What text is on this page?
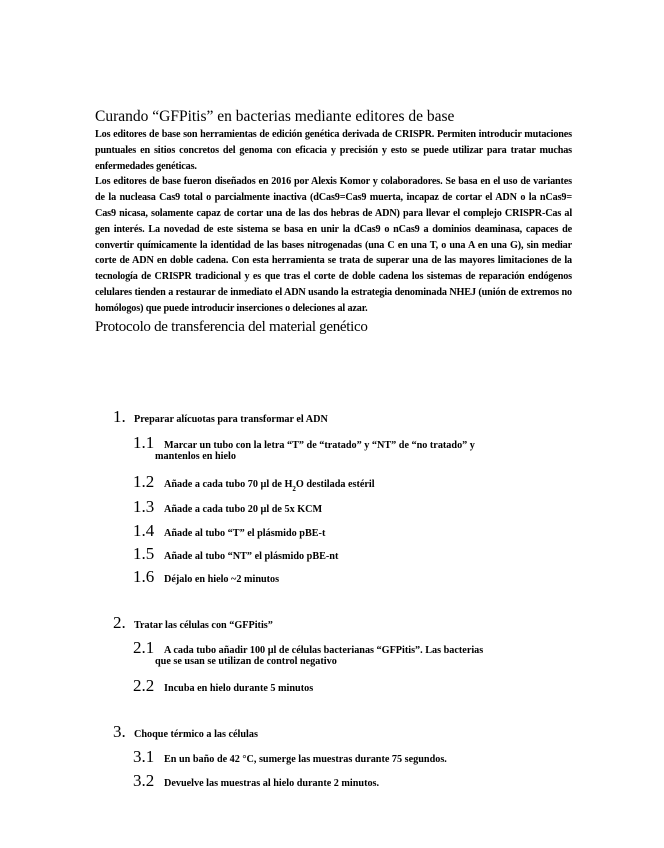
Curando “GFPitis” en bacterias mediante editores de base

Los editores de base son herramientas de edición genética derivada de CRISPR. Permiten introducir mutaciones puntuales en sitios concretos del genoma con eficacia y precisión y esto se puede utilizar para tratar muchas enfermedades genéticas.

Los editores de base fueron diseñados en 2016 por Alexis Komor y colaboradores. Se basa en el uso de variantes de la nucleasa Cas9 total o parcialmente inactiva (dCas9=Cas9 muerta, incapaz de cortar el ADN o la nCas9= Cas9 nicasa, solamente capaz de cortar una de las dos hebras de ADN) para llevar el complejo CRISPR-Cas al gen interés. La novedad de este sistema se basa en unir la dCas9 o nCas9 a dominios deaminasa, capaces de convertir químicamente la identidad de las bases nitrogenadas (una C en una T, o una A en una G), sin mediar corte de ADN en doble cadena. Con esta herramienta se trata de superar una de las mayores limitaciones de la tecnología de CRISPR tradicional y es que tras el corte de doble cadena los sistemas de reparación endógenos celulares tienden a restaurar de inmediato el ADN usando la estrategia denominada NHEJ (unión de extremos no homólogos) que puede introducir inserciones o deleciones al azar.

Protocolo de transferencia del material genético
1. Preparar alícuotas para transformar el ADN
1.1 Marcar un tubo con la letra “T” de “tratado” y “NT” de “no tratado” y
mantenlos en hielo
1.2 Añade a cada tubo 70 µl de $H_2O$ destilada estéril
1.3 Añade a cada tubo 20 µl de 5x KCM
1.4 Añade al tubo “T” el plásmido pBE-t
1.5 Añade al tubo “NT” el plásmido pBE-nt
1.6 Déjalo en hielo ~2 minutos
2. Tratar las células con “GFPitis”
2.1 A cada tubo añadir 100 µl de células bacterianas “GFPitis”. Las bacterias
que se usan se utilizan de control negativo
2.2 Incuba en hielo durante 5 minutos
3. Choque térmico a las células
3.1 En un baño de 42 °C, sumerge las muestras durante 75 segundos.
3.2 Devuelve las muestras al hielo durante 2 minutos.
